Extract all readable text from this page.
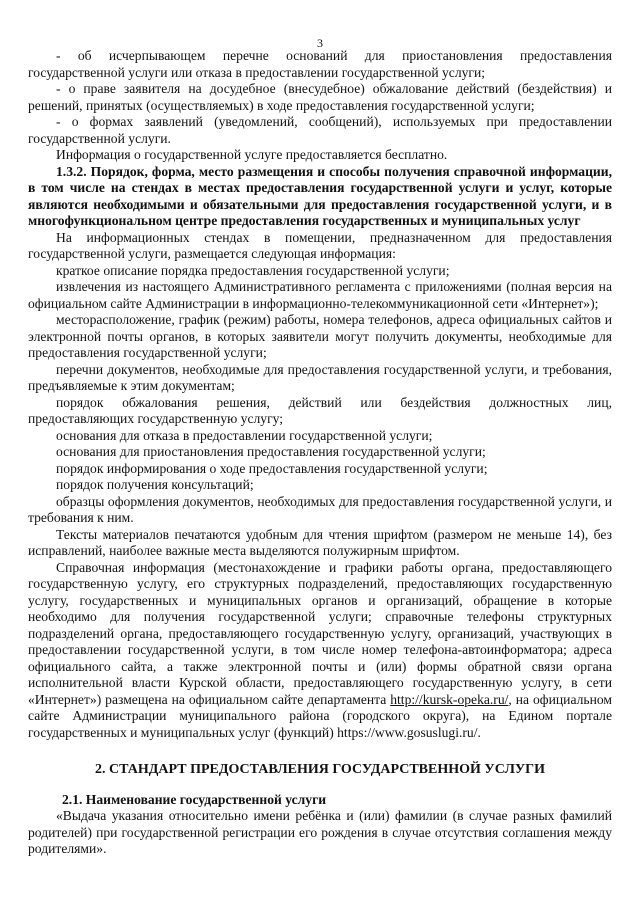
3

- об исчерпывающем перечне оснований для приостановления предоставления государственной услуги или отказа в предоставлении государственной услуги;

- о праве заявителя на досудебное (внесудебное) обжалование действий (бездействия) и решений, принятых (осуществляемых) в ходе предоставления государственной услуги;

- о формах заявлений (уведомлений, сообщений), используемых при предоставлении государственной услуги.

Информация о государственной услуге предоставляется бесплатно.

1.3.2. Порядок, форма, место размещения и способы получения справочной информации, в том числе на стендах в местах предоставления государственной услуги и услуг, которые являются необходимыми и обязательными для предоставления государственной услуги, и в многофункциональном центре предоставления государственных и муниципальных услуг

На информационных стендах в помещении, предназначенном для предоставления государственной услуги, размещается следующая информация:

краткое описание порядка предоставления государственной услуги;

извлечения из настоящего Административного регламента с приложениями (полная версия на официальном сайте Администрации в информационно-телекоммуникационной сети «Интернет»);

месторасположение, график (режим) работы, номера телефонов, адреса официальных сайтов и электронной почты органов, в которых заявители могут получить документы, необходимые для предоставления государственной услуги;

перечни документов, необходимые для предоставления государственной услуги, и требования, предъявляемые к этим документам;

порядок обжалования решения, действий или бездействия должностных лиц, предоставляющих государственную услугу;

основания для отказа в предоставлении государственной услуги;

основания для приостановления предоставления государственной услуги;

порядок информирования о ходе предоставления государственной услуги;

порядок получения консультаций;

образцы оформления документов, необходимых для предоставления государственной услуги, и требования к ним.

Тексты материалов печатаются удобным для чтения шрифтом (размером не меньше 14), без исправлений, наиболее важные места выделяются полужирным шрифтом.

Справочная информация (местонахождение и графики работы органа, предоставляющего государственную услугу, его структурных подразделений, предоставляющих государственную услугу, государственных и муниципальных органов и организаций, обращение в которые необходимо для получения государственной услуги; справочные телефоны структурных подразделений органа, предоставляющего государственную услугу, организаций, участвующих в предоставлении государственной услуги, в том числе номер телефона-автоинформатора; адреса официального сайта, а также электронной почты и (или) формы обратной связи органа исполнительной власти Курской области, предоставляющего государственную услугу, в сети «Интернет») размещена на официальном сайте департамента http://kursk-opeka.ru/, на официальном сайте Администрации муниципального района (городского округа), на Едином портале государственных и муниципальных услуг (функций) https://www.gosuslugi.ru/.

2. СТАНДАРТ ПРЕДОСТАВЛЕНИЯ ГОСУДАРСТВЕННОЙ УСЛУГИ

2.1. Наименование государственной услуги

«Выдача указания относительно имени ребёнка и (или) фамилии (в случае разных фамилий родителей) при государственной регистрации его рождения в случае отсутствия соглашения между родителями».
